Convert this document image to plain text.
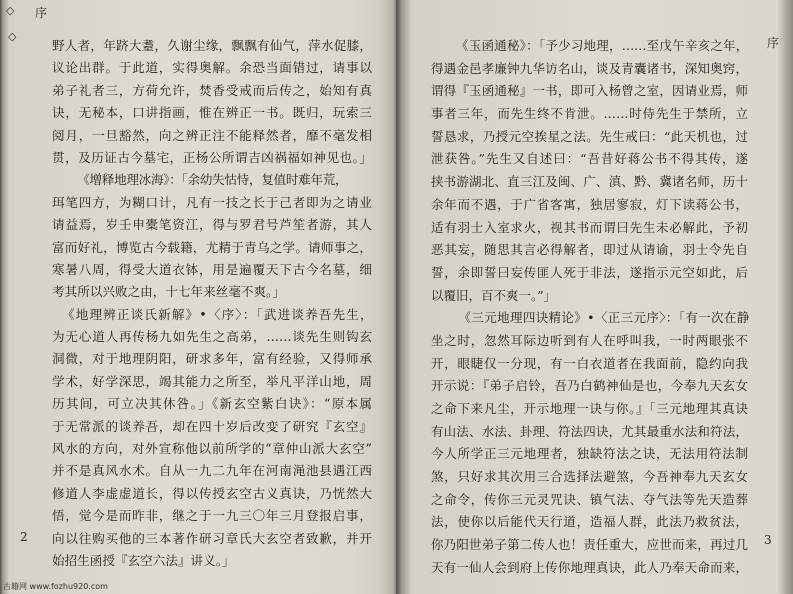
◇ 序
◇
野人者，年跻大耋，久谢尘缘，飘飘有仙气，萍水促膝，
议论出群。于此道，实得奥解。余恐当面错过，请事以
弟子礼者三，方荷允许，焚香受戒而后传之，始知有真
诀，无秘本，口讲指画，惟在辨正一书。既归，玩索三
阅月，一旦豁然，向之辨正注不能释然者，靡不毫发相
贯，及历证古今墓宅，正杨公所谓吉凶祸福如神见也。」
《增释地理冰海》：「余幼失怙恃，复值时难年荒，
珥笔四方，为糊口计，凡有一技之长于己者即为之请业
请益焉，岁壬申橐笔资江，得与罗君号芦笙者游，其人
富而好礼，博览古今载籍，尤精于青乌之学。请师事之，
寒暑八周，得受大道衣钵，用是遍覆天下古今名墓，细
考其所以兴败之由，十七年来丝毫不爽。」
《地理辨正谈氏新解》•〈序〉：「武进谈养吾先生，
为无心道人再传杨九如先生之高弟，……谈先生则钩玄
洞微，对于地理阴阳，研求多年，富有经验，又得师承
学术，好学深思，竭其能力之所至，举凡平洋山地，周
历其间，可立决其休咎。」《新玄空紫白诀》：“原本属
于无常派的谈养吾，却在四十岁后改变了研究『玄空』
风水的方向，对外宣称他以前所学的“章仲山派大玄空”
并不是真风水术。自从一九二九年在河南渑池县遇江西
修道人李虚虚道长，得以传授玄空古义真诀，乃恍然大
悟，觉今是而昨非，继之于一九三〇年三月登报启事，
向以往购买他的三本著作研习章氏大玄空者致歉，并开
始招生函授『玄空六法』讲义。」
2
序
《玉函通秘》：「予少习地理，……至戊午辛亥之年，
得遇金邑孝廉钟九华访名山，谈及青囊诸书，深知奥窍，
谓得『玉函通秘』一书，即可入杨曾之室，因请业焉，师
事者三年，而先生终不肯泄。……时侍先生于禁所，立
誓恳求，乃授元空挨星之法。先生戒曰：“此天机也，过
泄获咎。”先生又自述曰：“吾昔好蒋公书不得其传，遂
挟书游湖北、直三江及闽、广、滇、黔、冀诸名师，历十
余年而不遇，于广省客寓，独居寥寂，灯下读蒋公书，
适有羽士入室求火，视其书而谓曰先生未必解此，予初
恶其妄，随思其言必得解者，即过从请谕，羽士令先自
誓，余即誓曰妄传匪人死于非法，遂指示元空如此，后
以覆旧，百不爽一。”」
《三元地理四诀精论》•〈正三元序〉：「有一次在静
坐之时，忽然耳际边听到有人在呼叫我，一时两眼张不
开，眼睫仅一分现，有一白衣道者在我面前，隐约向我
开示说：『弟子启铃，吾乃白鹤神仙是也，今奉九天玄女
之命下来凡尘，开示地理一诀与你。』「三元地理其真诀
有山法、水法、卦理、符法四诀，尤其最重水法和符法，
今人所学正三元地理者，独缺符法之诀，无法用符法制
煞，只好求其次用三合选择法避煞，今吾神奉九天玄女
之命令，传你三元灵咒诀、镇气法、夺气法等先天造葬
法，使你以后能代天行道，造福人群，此法乃救贫法，
你乃阳世弟子第二传人也！责任重大，应世而来，再过几
天有一仙人会到府上传你地理真诀，此人乃奉天命而来，
3
古籍网 www.fozhu920.com
